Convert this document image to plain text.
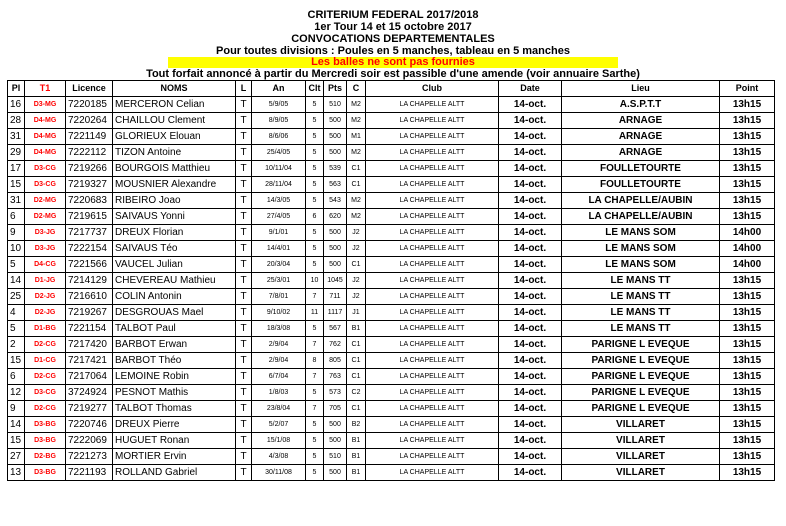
CRITERIUM FEDERAL 2017/2018
1er Tour 14 et 15 octobre 2017
CONVOCATIONS DEPARTEMENTALES
Pour toutes divisions : Poules en 5 manches, tableau en 5 manches
Les balles ne sont pas fournies
Tout forfait annoncé à partir du Mercredi soir est passible d'une amende (voir annuaire Sarthe)
Pl	T1	Licence	NOMS	L	An	Clt	Pts	C	Club	Date	Lieu	Point
16	D3-MG	7220185	MERCERON Celian	T	5/9/05	5	510	M2	LA CHAPELLE ALTT	14-oct.	A.S.P.T.T	13h15
28	D4-MG	7220264	CHAILLOU Clement	T	8/9/05	5	500	M2	LA CHAPELLE ALTT	14-oct.	ARNAGE	13h15
31	D4-MG	7221149	GLORIEUX Elouan	T	8/6/06	5	500	M1	LA CHAPELLE ALTT	14-oct.	ARNAGE	13h15
29	D4-MG	7222112	TIZON Antoine	T	25/4/05	5	500	M2	LA CHAPELLE ALTT	14-oct.	ARNAGE	13h15
17	D3-CG	7219266	BOURGOIS Matthieu	T	10/11/04	5	539	C1	LA CHAPELLE ALTT	14-oct.	FOULLETOURTE	13h15
15	D3-CG	7219327	MOUSNIER Alexandre	T	28/11/04	5	563	C1	LA CHAPELLE ALTT	14-oct.	FOULLETOURTE	13h15
31	D2-MG	7220683	RIBEIRO Joao	T	14/3/05	5	543	M2	LA CHAPELLE ALTT	14-oct.	LA CHAPELLE/AUBIN	13h15
6	D2-MG	7219615	SAIVAUS Yonni	T	27/4/05	6	620	M2	LA CHAPELLE ALTT	14-oct.	LA CHAPELLE/AUBIN	13h15
9	D3-JG	7217737	DREUX Florian	T	9/1/01	5	500	J2	LA CHAPELLE ALTT	14-oct.	LE MANS SOM	14h00
10	D3-JG	7222154	SAIVAUS Téo	T	14/4/01	5	500	J2	LA CHAPELLE ALTT	14-oct.	LE MANS SOM	14h00
5	D4-CG	7221566	VAUCEL Julian	T	20/3/04	5	500	C1	LA CHAPELLE ALTT	14-oct.	LE MANS SOM	14h00
14	D1-JG	7214129	CHEVEREAU Mathieu	T	25/3/01	10	1045	J2	LA CHAPELLE ALTT	14-oct.	LE MANS TT	13h15
25	D2-JG	7216610	COLIN Antonin	T	7/8/01	7	711	J2	LA CHAPELLE ALTT	14-oct.	LE MANS TT	13h15
4	D2-JG	7219267	DESGROUAS Mael	T	9/10/02	11	1117	J1	LA CHAPELLE ALTT	14-oct.	LE MANS TT	13h15
5	D1-BG	7221154	TALBOT Paul	T	18/3/08	5	567	B1	LA CHAPELLE ALTT	14-oct.	LE MANS TT	13h15
2	D2-CG	7217420	BARBOT Erwan	T	2/9/04	7	762	C1	LA CHAPELLE ALTT	14-oct.	PARIGNE L EVEQUE	13h15
15	D1-CG	7217421	BARBOT Théo	T	2/9/04	8	805	C1	LA CHAPELLE ALTT	14-oct.	PARIGNE L EVEQUE	13h15
6	D2-CG	7217064	LEMOINE Robin	T	6/7/04	7	763	C1	LA CHAPELLE ALTT	14-oct.	PARIGNE L EVEQUE	13h15
12	D3-CG	3724924	PESNOT Mathis	T	1/8/03	5	573	C2	LA CHAPELLE ALTT	14-oct.	PARIGNE L EVEQUE	13h15
9	D2-CG	7219277	TALBOT Thomas	T	23/8/04	7	705	C1	LA CHAPELLE ALTT	14-oct.	PARIGNE L EVEQUE	13h15
14	D3-BG	7220746	DREUX Pierre	T	5/2/07	5	500	B2	LA CHAPELLE ALTT	14-oct.	VILLARET	13h15
15	D3-BG	7222069	HUGUET Ronan	T	15/1/08	5	500	B1	LA CHAPELLE ALTT	14-oct.	VILLARET	13h15
27	D2-BG	7221273	MORTIER Ervin	T	4/3/08	5	510	B1	LA CHAPELLE ALTT	14-oct.	VILLARET	13h15
13	D3-BG	7221193	ROLLAND Gabriel	T	30/11/08	5	500	B1	LA CHAPELLE ALTT	14-oct.	VILLARET	13h15
